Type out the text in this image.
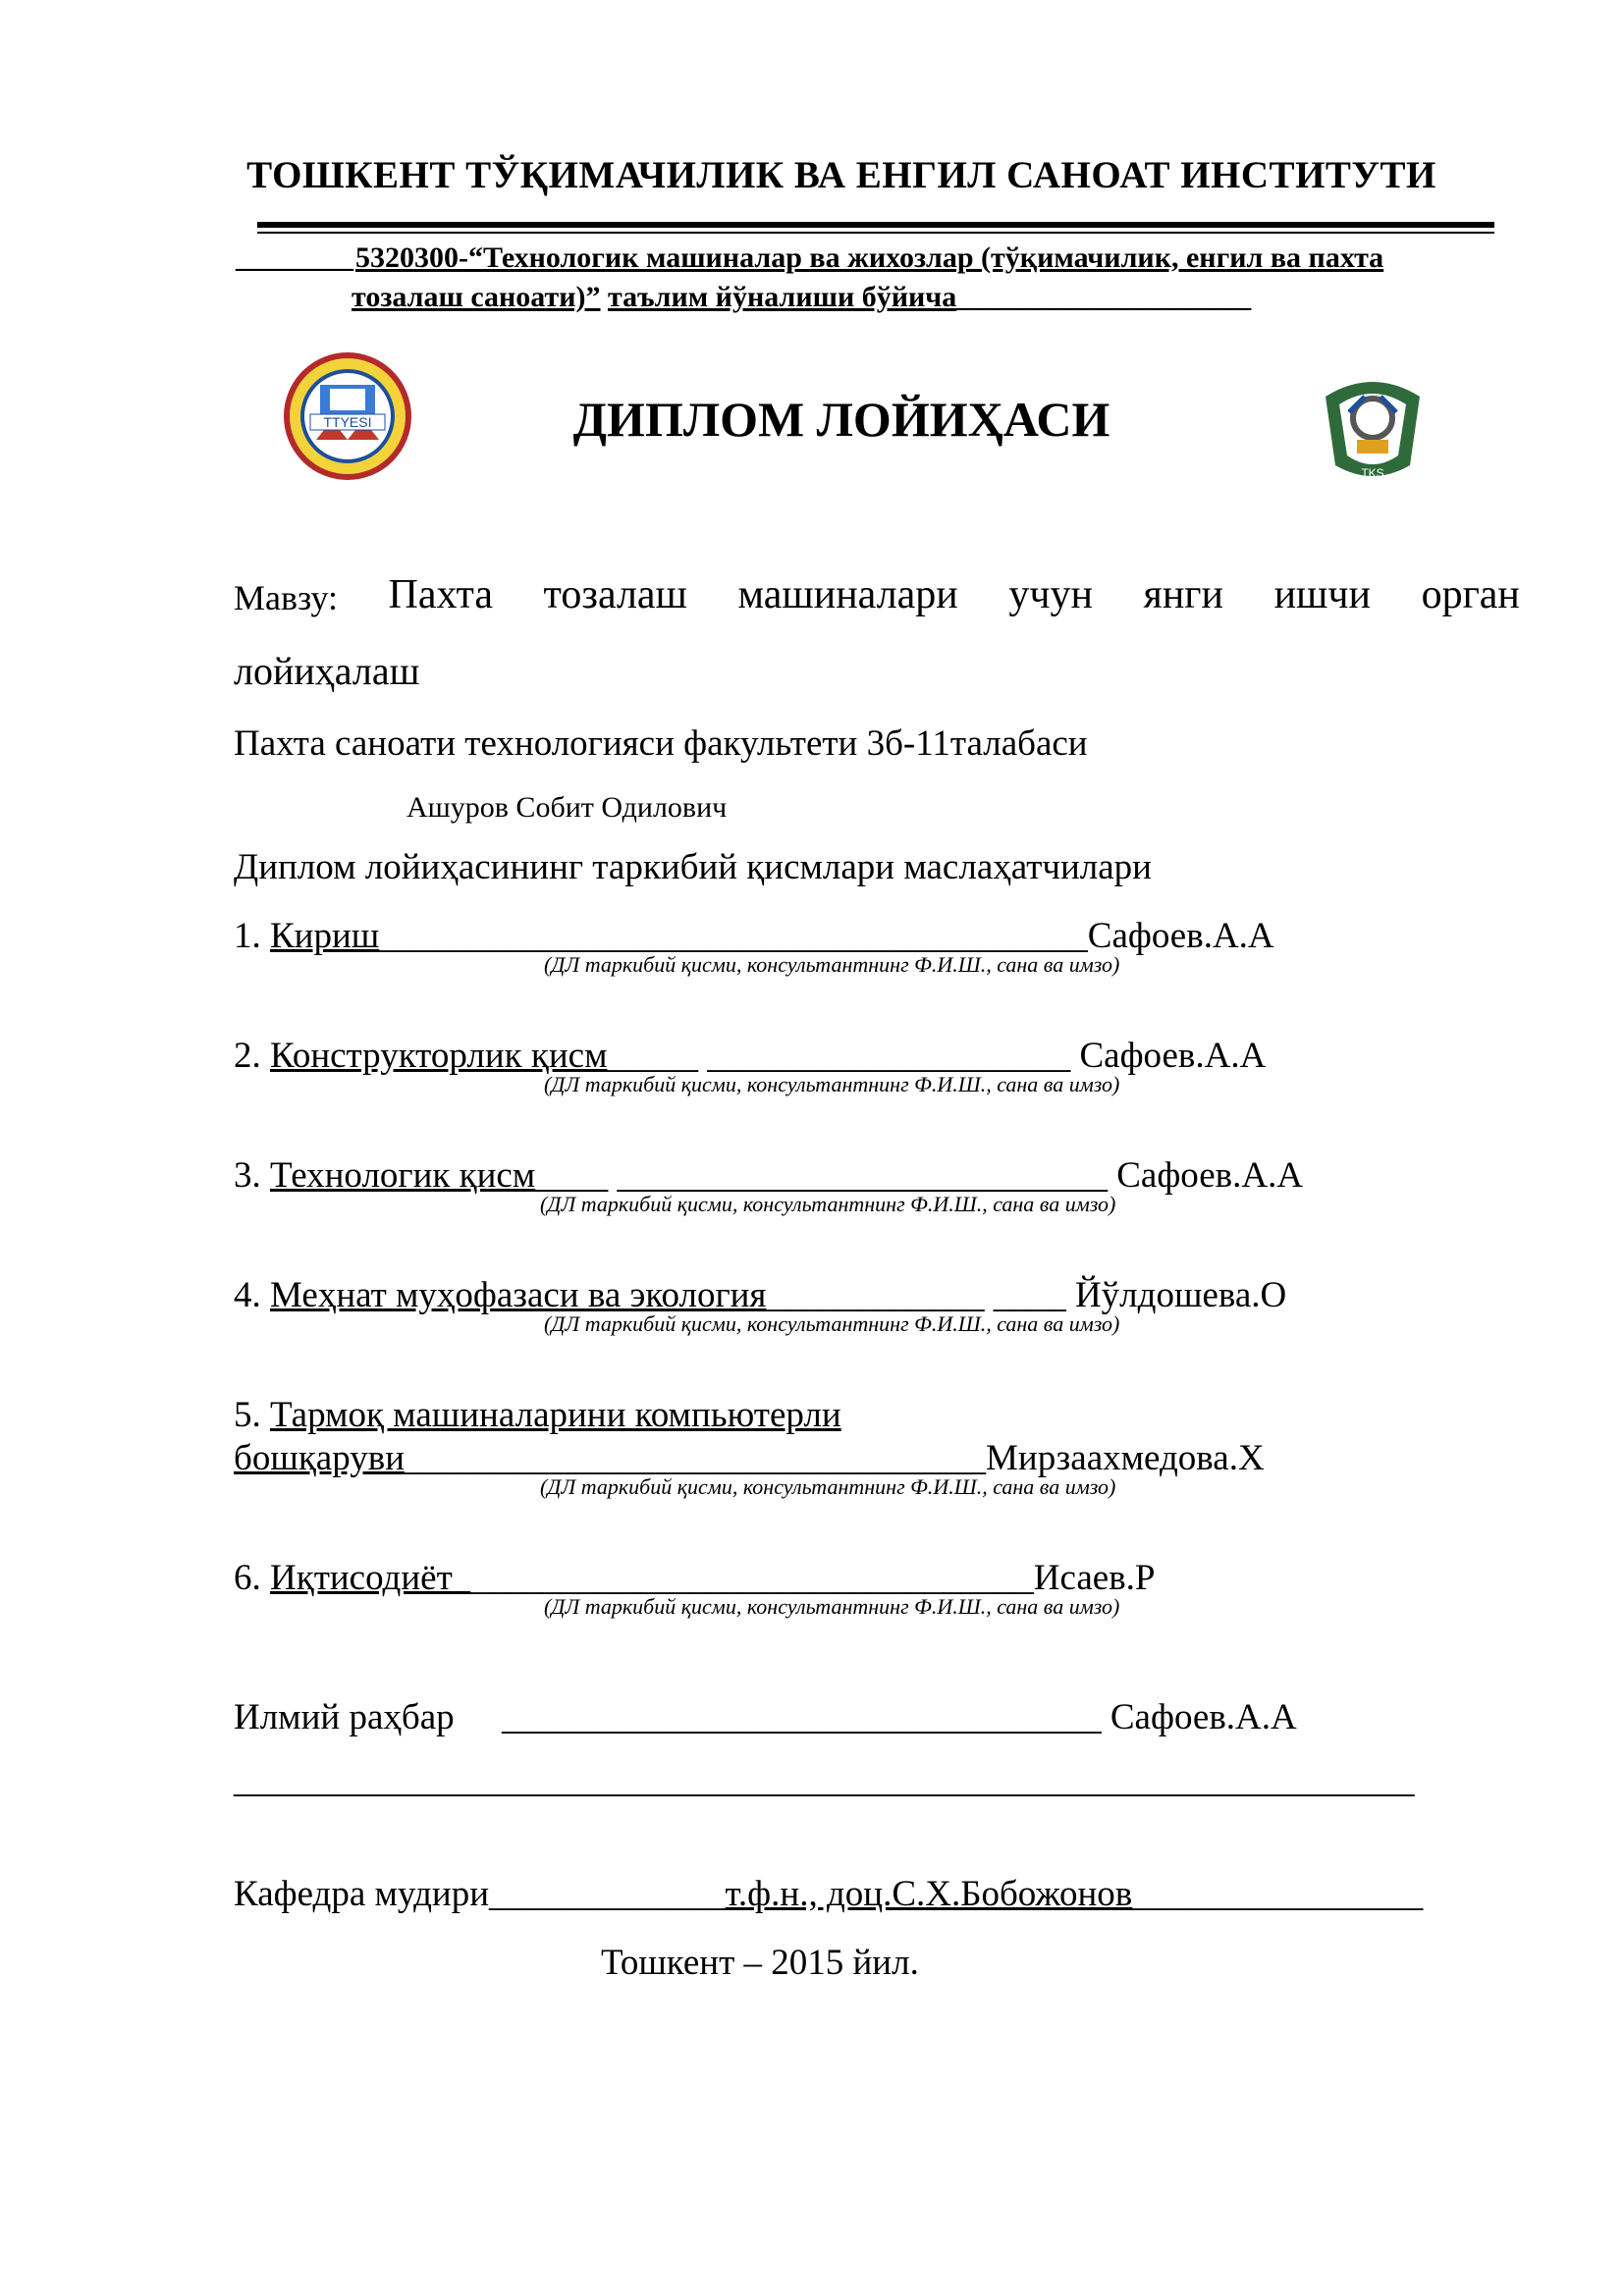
ТОШКЕНТ ТЎҚИМАЧИЛИК ВА ЕНГИЛ САНОАТ ИНСТИТУТИ
________5320300-“Технологик машиналар ва жихозлар (тўқимачилик, енгил ва пахта
тозалаш саноати)” таълим йўналиши бўйича____________________
TTYESI	ДИПЛОМ ЛОЙИҲАСИ
TKS
Мавзу: Пахта тозалаш машиналари учун янги ишчи орган
лойиҳалаш
Пахта саноати технологияси факультети 3б-11талабаси
Ашуров Собит Одилович
Диплом лойиҳасининг таркибий қисмлари маслаҳатчилари
1. Кириш_______________________________________Сафоев.А.А
(ДЛ таркибий қисми, консультантнинг Ф.И.Ш., сана ва имзо)
2. Конструкторлик қисм_____ ____________________ Сафоев.А.А
(ДЛ таркибий қисми, консультантнинг Ф.И.Ш., сана ва имзо)
3. Технологик қисм____ ___________________________ Сафоев.А.А
(ДЛ таркибий қисми, консультантнинг Ф.И.Ш., сана ва имзо)
4. Меҳнат муҳофазаси ва экология____________ ____ Йўлдошева.О
(ДЛ таркибий қисми, консультантнинг Ф.И.Ш., сана ва имзо)
5. Тармоқ машиналарини компьютерли
бошқаруви________________________________Мирзаахмедова.Х
(ДЛ таркибий қисми, консультантнинг Ф.И.Ш., сана ва имзо)
6. Иқтисодиёт________________________________Исаев.Р
(ДЛ таркибий қисми, консультантнинг Ф.И.Ш., сана ва имзо)
Илмий раҳбар _________________________________ Сафоев.А.А
_________________________________________________________________
Кафедра мудири_____________т.ф.н., доц.С.Х.Бобожонов________________
Тошкент – 2015 йил.
